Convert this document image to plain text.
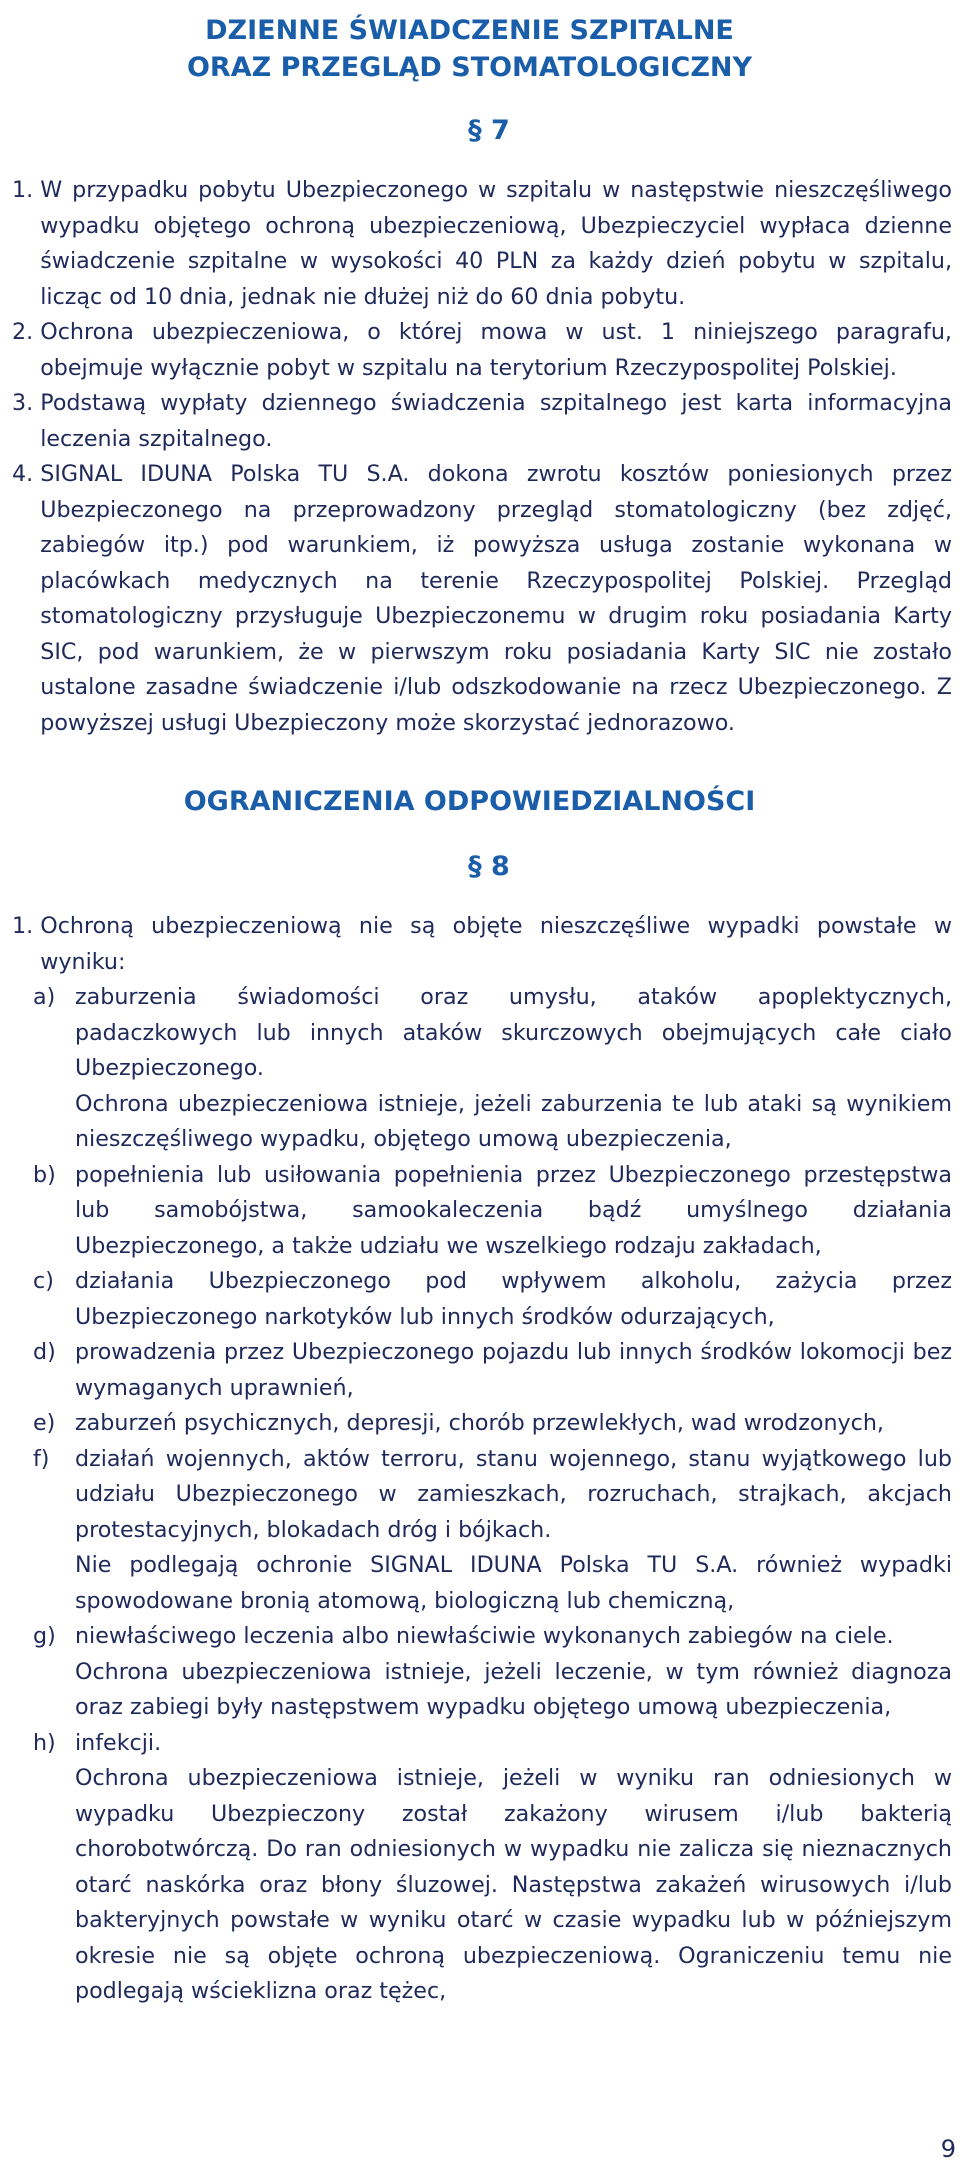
DZIENNE ŚWIADCZENIE SZPITALNE

ORAZ PRZEGLĄD STOMATOLOGICZNY

§ 7

1.
W przypadku pobytu Ubezpieczonego w szpitalu w następstwie nieszczęśliwego wypadku objętego ochroną ubezpieczeniową, Ubezpieczyciel wypłaca dzienne świadczenie szpitalne w wysokości 40 PLN za każdy dzień pobytu w szpitalu, licząc od 10 dnia, jednak nie dłużej niż do 60 dnia pobytu.
2.
Ochrona ubezpieczeniowa, o której mowa w ust. 1 niniejszego paragrafu, obejmuje wyłącznie pobyt w szpitalu na terytorium Rzeczypospolitej Polskiej.
3.
Podstawą wypłaty dziennego świadczenia szpitalnego jest karta informacyjna leczenia szpitalnego.
4.
SIGNAL IDUNA Polska TU S.A. dokona zwrotu kosztów poniesionych przez Ubezpieczonego na przeprowadzony przegląd stomatologiczny (bez zdjęć, zabiegów itp.) pod warunkiem, iż powyższa usługa zostanie wykonana w placówkach medycznych na terenie Rzeczypospolitej Polskiej. Przegląd stomatologiczny przysługuje Ubezpieczonemu w drugim roku posiadania Karty SIC, pod warunkiem, że w pierwszym roku posiadania Karty SIC nie zostało ustalone zasadne świadczenie i/lub odszkodowanie na rzecz Ubezpieczonego. Z powyższej usługi Ubezpieczony może skorzystać jednorazowo.

OGRANICZENIA ODPOWIEDZIALNOŚCI

§ 8

1.
Ochroną ubezpieczeniową nie są objęte nieszczęśliwe wypadki powstałe w wyniku:
a) zaburzenia świadomości oraz umysłu, ataków apoplektycznych, padaczkowych lub innych ataków skurczowych obejmujących całe ciało Ubezpieczonego.
Ochrona ubezpieczeniowa istnieje, jeżeli zaburzenia te lub ataki są wynikiem nieszczęśliwego wypadku, objętego umową ubezpieczenia,
b) popełnienia lub usiłowania popełnienia przez Ubezpieczonego przestępstwa lub samobójstwa, samookaleczenia bądź umyślnego działania Ubezpieczonego, a także udziału we wszelkiego rodzaju zakładach,
c) działania Ubezpieczonego pod wpływem alkoholu, zażycia przez Ubezpieczonego narkotyków lub innych środków odurzających,
d) prowadzenia przez Ubezpieczonego pojazdu lub innych środków lokomocji bez wymaganych uprawnień,
e) zaburzeń psychicznych, depresji, chorób przewlekłych, wad wrodzonych,
f)	działań wojennych, aktów terroru, stanu wojennego, stanu wyjątkowego lub udziału Ubezpieczonego w zamieszkach, rozruchach, strajkach, akcjach protestacyjnych, blokadach dróg i bójkach.
Nie podlegają ochronie SIGNAL IDUNA Polska TU S.A. również wypadki spowodowane bronią atomową, biologiczną lub chemiczną,
g) niewłaściwego leczenia albo niewłaściwie wykonanych zabiegów na ciele.
Ochrona ubezpieczeniowa istnieje, jeżeli leczenie, w tym również diagnoza oraz zabiegi były następstwem wypadku objętego umową ubezpieczenia,
h) infekcji.
Ochrona ubezpieczeniowa istnieje, jeżeli w wyniku ran odniesionych w wypadku Ubezpieczony został zakażony wirusem i/lub bakterią chorobotwórczą. Do ran odniesionych w wypadku nie zalicza się nieznacznych otarć naskórka oraz błony śluzowej. Następstwa zakażeń wirusowych i/lub bakteryjnych powstałe w wyniku otarć w czasie wypadku lub w późniejszym okresie nie są objęte ochroną ubezpieczeniową. Ograniczeniu temu nie podlegają wścieklizna oraz tężec,
9
